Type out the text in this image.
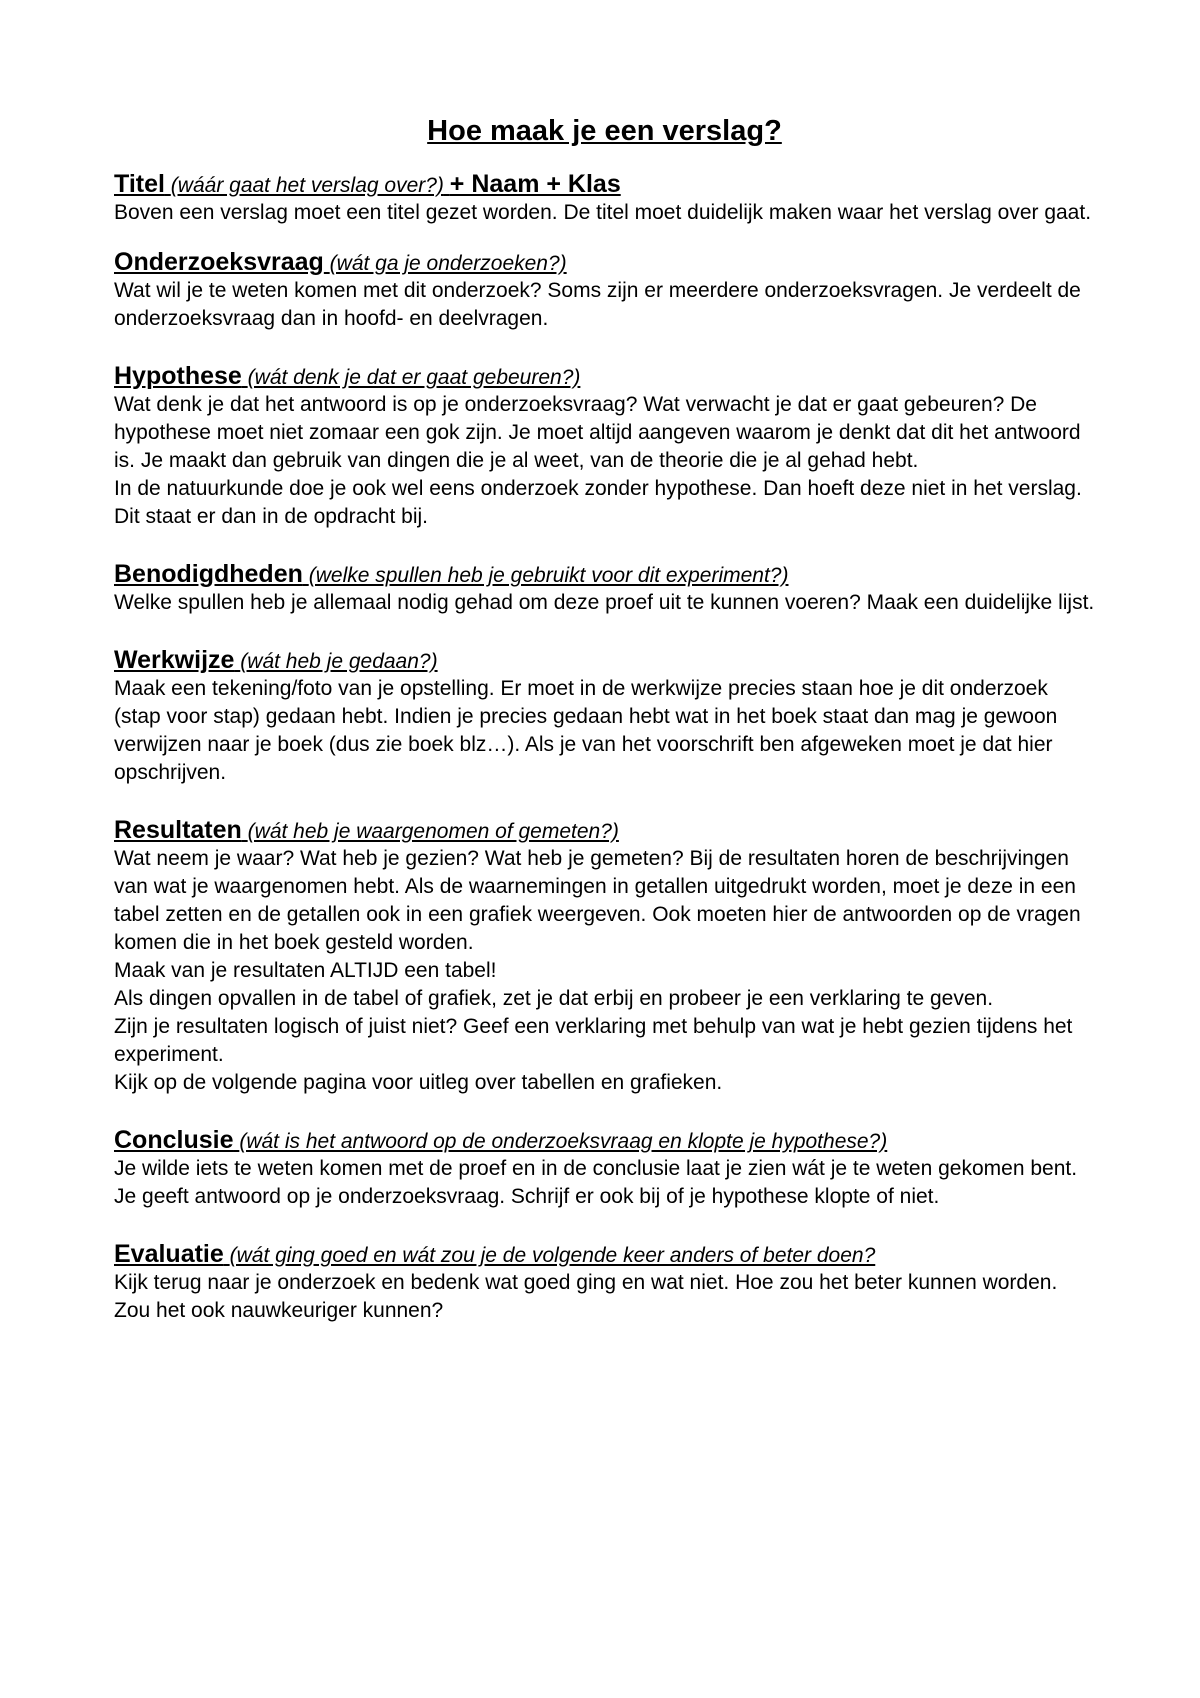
Hoe maak je een verslag?
Titel (wáár gaat het verslag over?) + Naam + Klas

Boven een verslag moet een titel gezet worden. De titel moet duidelijk maken waar het verslag over gaat.

Onderzoeksvraag (wát ga je onderzoeken?)

Wat wil je te weten komen met dit onderzoek? Soms zijn er meerdere onderzoeksvragen. Je verdeelt de onderzoeksvraag dan in hoofd- en deelvragen.

Hypothese (wát denk je dat er gaat gebeuren?)

Wat denk je dat het antwoord is op je onderzoeksvraag? Wat verwacht je dat er gaat gebeuren? De hypothese moet niet zomaar een gok zijn. Je moet altijd aangeven waarom je denkt dat dit het antwoord is. Je maakt dan gebruik van dingen die je al weet, van de theorie die je al gehad hebt.

In de natuurkunde doe je ook wel eens onderzoek zonder hypothese. Dan hoeft deze niet in het verslag. Dit staat er dan in de opdracht bij.

Benodigdheden (welke spullen heb je gebruikt voor dit experiment?)

Welke spullen heb je allemaal nodig gehad om deze proef uit te kunnen voeren? Maak een duidelijke lijst.

Werkwijze (wát heb je gedaan?)

Maak een tekening/foto van je opstelling. Er moet in de werkwijze precies staan hoe je dit onderzoek (stap voor stap) gedaan hebt. Indien je precies gedaan hebt wat in het boek staat dan mag je gewoon verwijzen naar je boek (dus zie boek blz…). Als je van het voorschrift ben afgeweken moet je dat hier opschrijven.

Resultaten (wát heb je waargenomen of gemeten?)

Wat neem je waar? Wat heb je gezien? Wat heb je gemeten? Bij de resultaten horen de beschrijvingen van wat je waargenomen hebt. Als de waarnemingen in getallen uitgedrukt worden, moet je deze in een tabel zetten en de getallen ook in een grafiek weergeven. Ook moeten hier de antwoorden op de vragen komen die in het boek gesteld worden.

Maak van je resultaten ALTIJD een tabel!

Als dingen opvallen in de tabel of grafiek, zet je dat erbij en probeer je een verklaring te geven.

Zijn je resultaten logisch of juist niet? Geef een verklaring met behulp van wat je hebt gezien tijdens het experiment.

Kijk op de volgende pagina voor uitleg over tabellen en grafieken.

Conclusie (wát is het antwoord op de onderzoeksvraag en klopte je hypothese?)

Je wilde iets te weten komen met de proef en in de conclusie laat je zien wát je te weten gekomen bent. Je geeft antwoord op je onderzoeksvraag. Schrijf er ook bij of je hypothese klopte of niet.

Evaluatie (wát ging goed en wát zou je de volgende keer anders of beter doen?

Kijk terug naar je onderzoek en bedenk wat goed ging en wat niet. Hoe zou het beter kunnen worden. Zou het ook nauwkeuriger kunnen?
